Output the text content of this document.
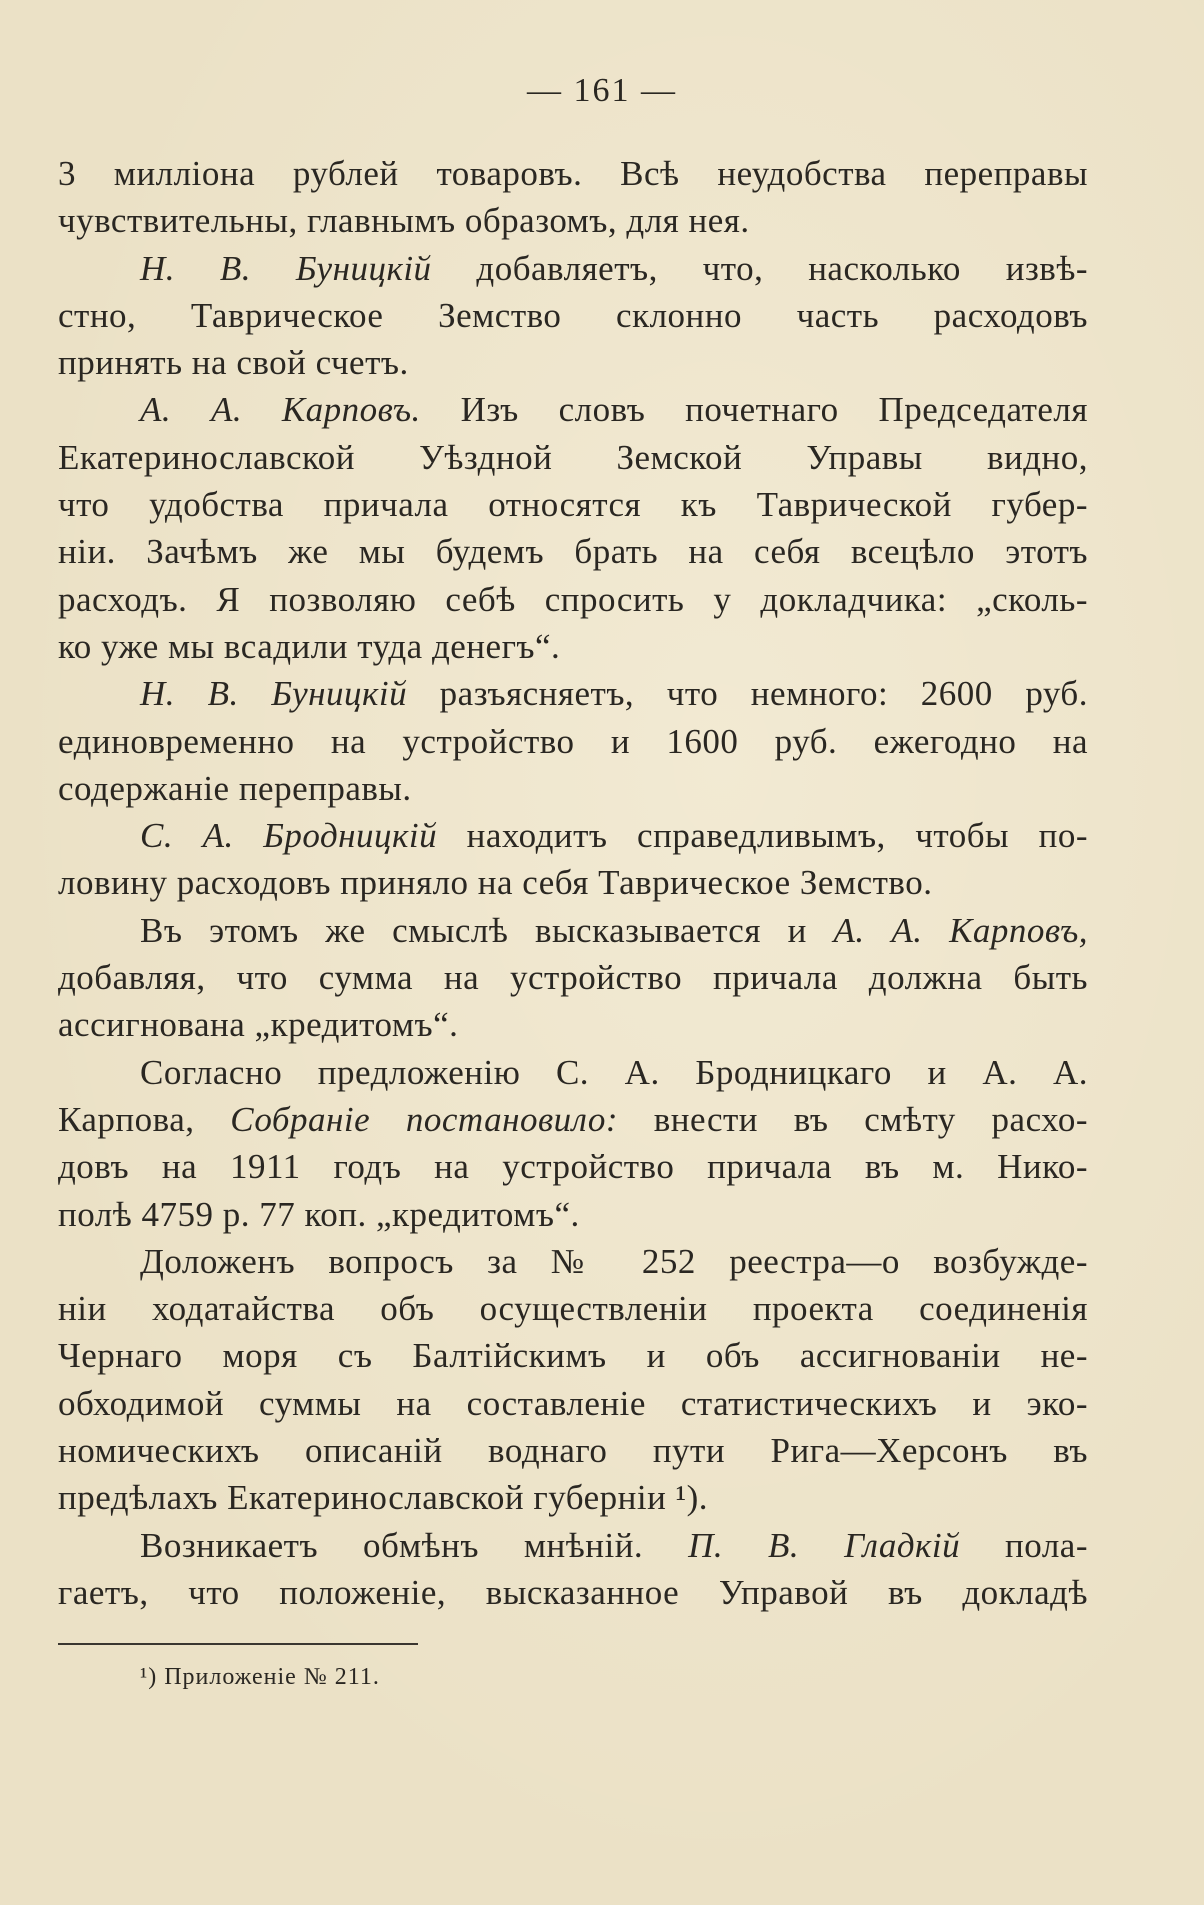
— 161 —
3 милліона рублей товаровъ. Всѣ неудобства переправы
чувствительны, главнымъ образомъ, для нея.
Н. В. Буницкій добавляетъ, что, насколько извѣ-
стно, Таврическое Земство склонно часть расходовъ
принять на свой счетъ.
А. А. Карповъ. Изъ словъ почетнаго Председателя
Екатеринославской Уѣздной Земской Управы видно,
что удобства причала относятся къ Таврической губер-
ніи. Зачѣмъ же мы будемъ брать на себя всецѣло этотъ
расходъ. Я позволяю себѣ спросить у докладчика: „сколь-
ко уже мы всадили туда денегъ“.
Н. В. Буницкій разъясняетъ, что немного: 2600 руб.
единовременно на устройство и 1600 руб. ежегодно на
содержаніе переправы.
С. А. Бродницкій находитъ справедливымъ, чтобы по-
ловину расходовъ приняло на себя Таврическое Земство.
Въ этомъ же смыслѣ высказывается и А. А. Карповъ,
добавляя, что сумма на устройство причала должна быть
ассигнована „кредитомъ“.
Согласно предложенію С. А. Бродницкаго и А. А.
Карпова, Собраніе постановило: внести въ смѣту расхо-
довъ на 1911 годъ на устройство причала въ м. Нико-
полѣ 4759 р. 77 коп. „кредитомъ“.
Доложенъ вопросъ за № 252 реестра—о возбужде-
ніи ходатайства объ осуществленіи проекта соединенія
Чернаго моря съ Балтійскимъ и объ ассигнованіи не-
обходимой суммы на составленіе статистическихъ и эко-
номическихъ описаній воднаго пути Рига—Херсонъ въ
предѣлахъ Екатеринославской губерніи ¹).
Возникаетъ обмѣнъ мнѣній. П. В. Гладкій пола-
гаетъ, что положеніе, высказанное Управой въ докладѣ
¹) Приложеніе № 211.
